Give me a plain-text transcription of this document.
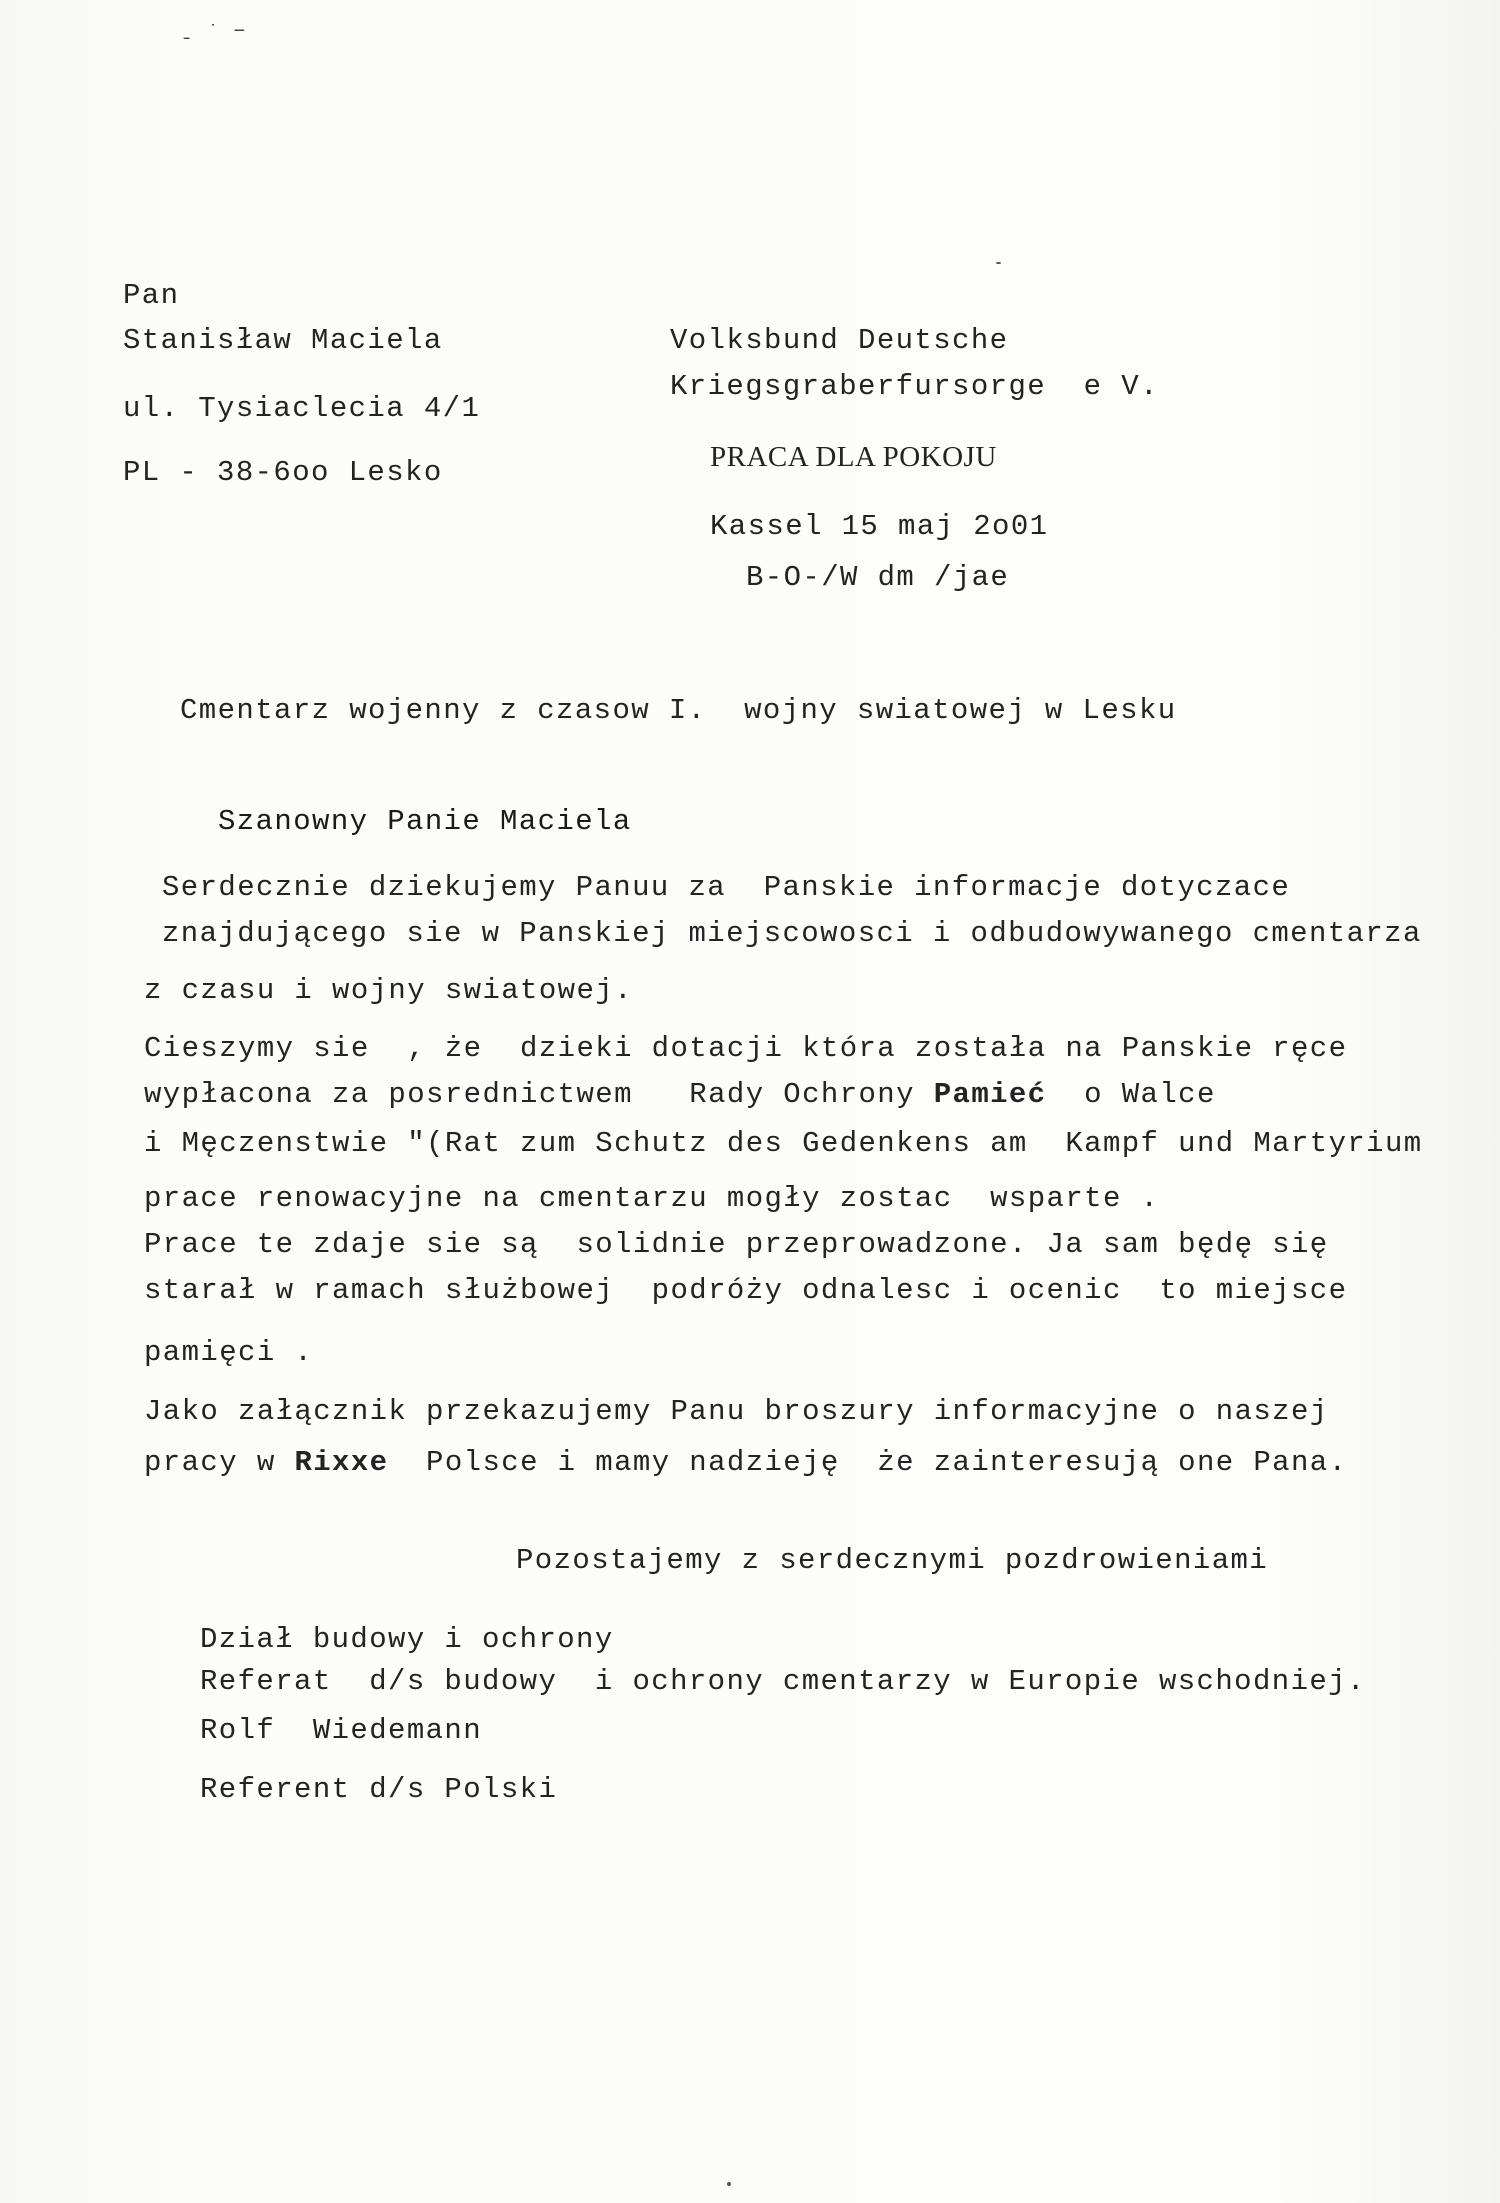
ˍ ˑ –
Pan
Stanisław Maciela
ul. Tysiaclecia 4/1
PL - 38-6oo Lesko
Volksbund Deutsche
Kriegsgraberfursorge  e V.
PRACA DLA POKOJU
Kassel 15 maj 2o01
B-O-/W dm /jae
Cmentarz wojenny z czasow I.  wojny swiatowej w Lesku
Szanowny Panie Maciela
Serdecznie dziekujemy Panuu za  Panskie informacje dotyczace
znajdującego sie w Panskiej miejscowosci i odbudowywanego cmentarza
z czasu i wojny swiatowej.
Cieszymy sie  , że  dzieki dotacji która została na Panskie ręce
wypłacona za posrednictwem   Rady Ochrony Pamieć  o Walce
i Męczenstwie "(Rat zum Schutz des Gedenkens am  Kampf und Martyrium
prace renowacyjne na cmentarzu mogły zostac  wsparte .
Prace te zdaje sie są  solidnie przeprowadzone. Ja sam będę się
starał w ramach służbowej  podróży odnalesc i ocenic  to miejsce
pamięci .
Jako załącznik przekazujemy Panu broszury informacyjne o naszej
pracy w Rixxe  Polsce i mamy nadzieję  że zainteresują one Pana.
Pozostajemy z serdecznymi pozdrowieniami
Dział budowy i ochrony
Referat  d/s budowy  i ochrony cmentarzy w Europie wschodniej.
Rolf  Wiedemann
Referent d/s Polski
